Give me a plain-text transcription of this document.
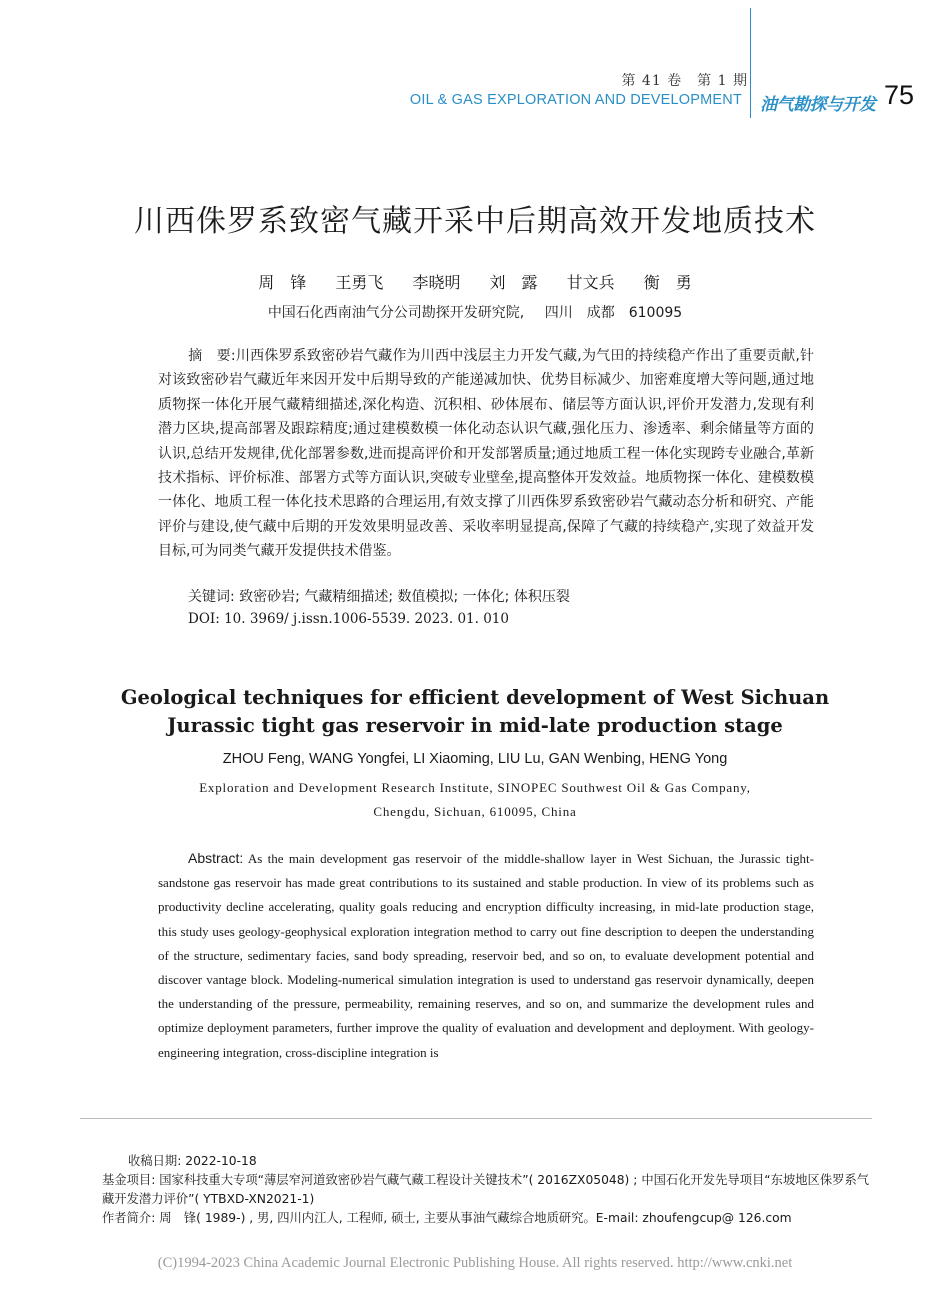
第 41 卷　第 1 期
OIL & GAS EXPLORATION AND DEVELOPMENT 油气勘探与开发 75
川西侏罗系致密气藏开采中后期高效开发地质技术
周　锋 王勇飞 李晓明 刘　露 甘文兵 衡　勇
中国石化西南油气分公司勘探开发研究院, 四川　成都　610095
摘　要:川西侏罗系致密砂岩气藏作为川西中浅层主力开发气藏,为气田的持续稳产作出了重要贡献,针对该致密砂岩气藏近年来因开发中后期导致的产能递减加快、优势目标减少、加密难度增大等问题,通过地质物探一体化开展气藏精细描述,深化构造、沉积相、砂体展布、储层等方面认识,评价开发潜力,发现有利潜力区块,提高部署及跟踪精度;通过建模数模一体化动态认识气藏,强化压力、渗透率、剩余储量等方面的认识,总结开发规律,优化部署参数,进而提高评价和开发部署质量;通过地质工程一体化实现跨专业融合,革新技术指标、评价标准、部署方式等方面认识,突破专业壁垒,提高整体开发效益。地质物探一体化、建模数模一体化、地质工程一体化技术思路的合理运用,有效支撑了川西侏罗系致密砂岩气藏动态分析和研究、产能评价与建设,使气藏中后期的开发效果明显改善、采收率明显提高,保障了气藏的持续稳产,实现了效益开发目标,可为同类气藏开发提供技术借鉴。
关键词: 致密砂岩; 气藏精细描述; 数值模拟; 一体化; 体积压裂
DOI: 10. 3969/ j.issn.1006-5539. 2023. 01. 010
Geological techniques for efficient development of West Sichuan
Jurassic tight gas reservoir in mid-late production stage
ZHOU Feng, WANG Yongfei, LI Xiaoming, LIU Lu, GAN Wenbing, HENG Yong
Exploration and Development Research Institute, SINOPEC Southwest Oil & Gas Company,
Chengdu, Sichuan, 610095, China
Abstract: As the main development gas reservoir of the middle-shallow layer in West Sichuan, the Jurassic tight-sandstone gas reservoir has made great contributions to its sustained and stable production. In view of its problems such as productivity decline accelerating, quality goals reducing and encryption difficulty increasing, in mid-late production stage, this study uses geology-geophysical exploration integration method to carry out fine description to deepen the understanding of the structure, sedimentary facies, sand body spreading, reservoir bed, and so on, to evaluate development potential and discover vantage block. Modeling-numerical simulation integration is used to understand gas reservoir dynamically, deepen the understanding of the pressure, permeability, remaining reserves, and so on, and summarize the development rules and optimize deployment parameters, further improve the quality of evaluation and development and deployment. With geology-engineering integration, cross-discipline integration is
收稿日期: 2022-10-18
基金项目: 国家科技重大专项“薄层窄河道致密砂岩气藏气藏工程设计关键技术”( 2016ZX05048) ; 中国石化开发先导项目“东坡地区侏罗系气藏开发潜力评价”( YTBXD-XN2021-1)
作者简介: 周　锋( 1989-) , 男, 四川内江人, 工程师, 硕士, 主要从事油气藏综合地质研究。E-mail: zhoufengcup@ 126.com
(C)1994-2023 China Academic Journal Electronic Publishing House. All rights reserved. http://www.cnki.net
